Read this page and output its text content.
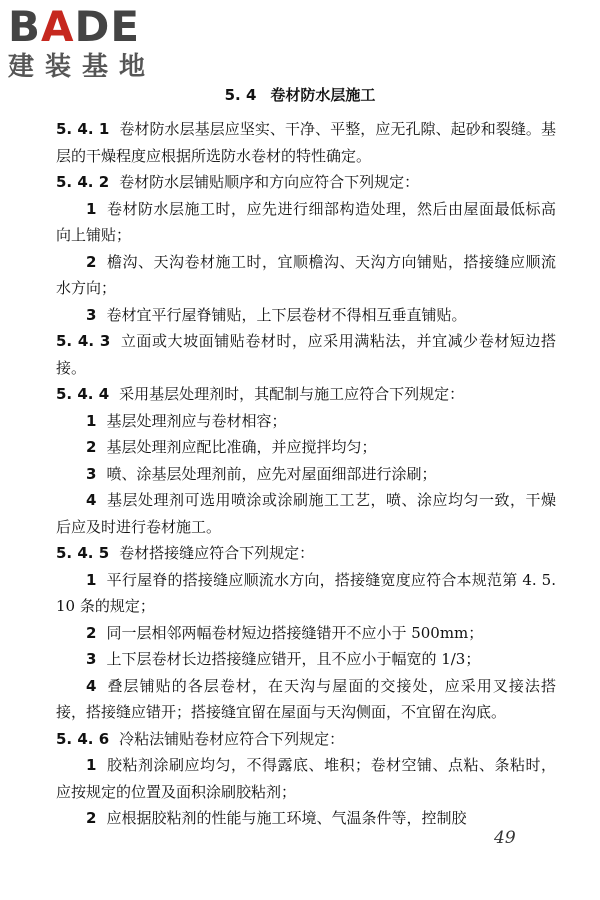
BADE
建装基地
5. 4 卷材防水层施工

5. 4. 1 卷材防水层基层应坚实、干净、平整，应无孔隙、起砂和裂缝。基层的干燥程度应根据所选防水卷材的特性确定。

5. 4. 2 卷材防水层铺贴顺序和方向应符合下列规定：

1 卷材防水层施工时，应先进行细部构造处理，然后由屋面最低标高向上铺贴；

2 檐沟、天沟卷材施工时，宜顺檐沟、天沟方向铺贴，搭接缝应顺流水方向；

3 卷材宜平行屋脊铺贴，上下层卷材不得相互垂直铺贴。

5. 4. 3 立面或大坡面铺贴卷材时，应采用满粘法，并宜减少卷材短边搭接。

5. 4. 4 采用基层处理剂时，其配制与施工应符合下列规定：

1 基层处理剂应与卷材相容；

2 基层处理剂应配比准确，并应搅拌均匀；

3 喷、涂基层处理剂前，应先对屋面细部进行涂刷；

4 基层处理剂可选用喷涂或涂刷施工工艺，喷、涂应均匀一致，干燥后应及时进行卷材施工。

5. 4. 5 卷材搭接缝应符合下列规定：

1 平行屋脊的搭接缝应顺流水方向，搭接缝宽度应符合本规范第 4. 5. 10 条的规定；

2 同一层相邻两幅卷材短边搭接缝错开不应小于 500mm；

3 上下层卷材长边搭接缝应错开，且不应小于幅宽的 1/3；

4 叠层铺贴的各层卷材，在天沟与屋面的交接处，应采用叉接法搭接，搭接缝应错开；搭接缝宜留在屋面与天沟侧面，不宜留在沟底。

5. 4. 6 冷粘法铺贴卷材应符合下列规定：

1 胶粘剂涂刷应均匀，不得露底、堆积；卷材空铺、点粘、条粘时，应按规定的位置及面积涂刷胶粘剂；

2 应根据胶粘剂的性能与施工环境、气温条件等，控制胶

49
